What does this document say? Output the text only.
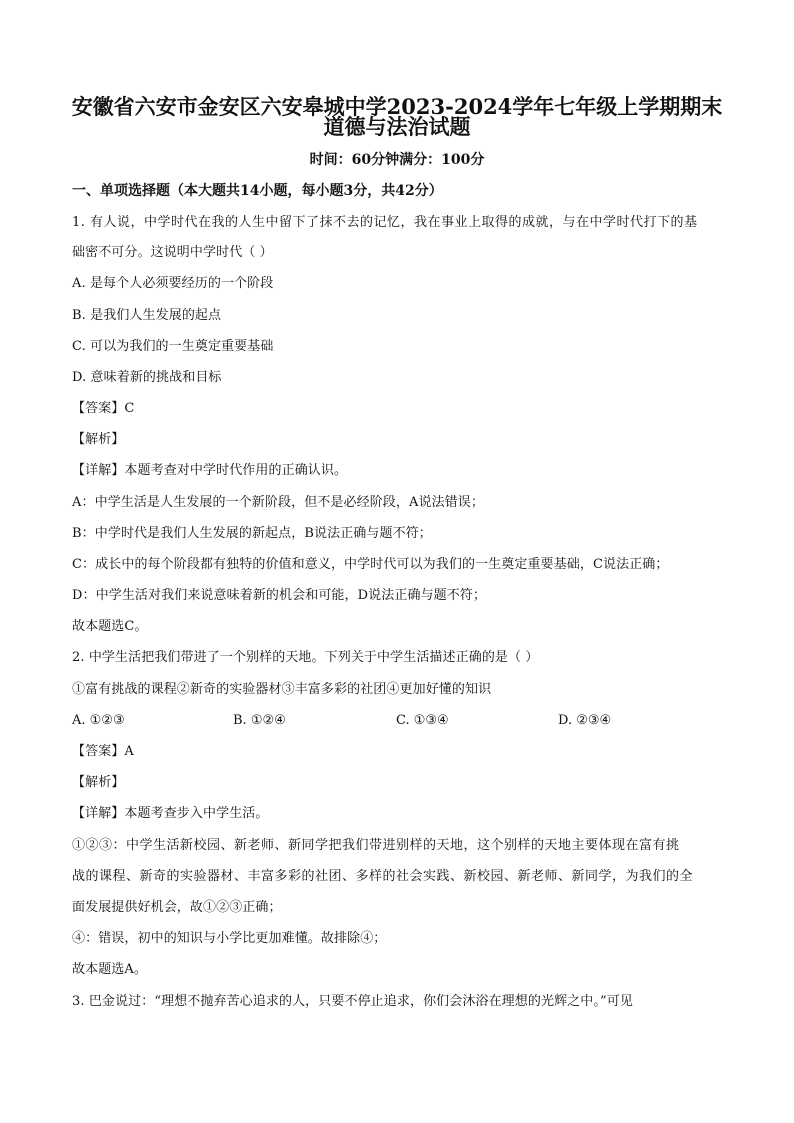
安徽省六安市金安区六安皋城中学2023-2024学年七年级上学期期末
道德与法治试题
时间：60分钟满分：100分
一、单项选择题（本大题共14小题，每小题3分，共42分）
1. 有人说，中学时代在我的人生中留下了抹不去的记忆，我在事业上取得的成就，与在中学时代打下的基
础密不可分。这说明中学时代（ ）
A. 是每个人必须要经历的一个阶段
B. 是我们人生发展的起点
C. 可以为我们的一生奠定重要基础
D. 意味着新的挑战和目标
【答案】C
【解析】
【详解】本题考查对中学时代作用的正确认识。
A：中学生活是人生发展的一个新阶段，但不是必经阶段，A说法错误；
B：中学时代是我们人生发展的新起点，B说法正确与题不符；
C：成长中的每个阶段都有独特的价值和意义，中学时代可以为我们的一生奠定重要基础，C说法正确；
D：中学生活对我们来说意味着新的机会和可能，D说法正确与题不符；
故本题选C。
2. 中学生活把我们带进了一个别样的天地。下列关于中学生活描述正确的是（ ）
①富有挑战的课程②新奇的实验器材③丰富多彩的社团④更加好懂的知识
A. ①②③	B. ①②④	C. ①③④	D. ②③④
【答案】A
【解析】
【详解】本题考查步入中学生活。
①②③：中学生活新校园、新老师、新同学把我们带进别样的天地，这个别样的天地主要体现在富有挑
战的课程、新奇的实验器材、丰富多彩的社团、多样的社会实践、新校园、新老师、新同学，为我们的全
面发展提供好机会，故①②③正确；
④：错误，初中的知识与小学比更加难懂。故排除④；
故本题选A。
3. 巴金说过：“理想不抛弃苦心追求的人，只要不停止追求，你们会沐浴在理想的光辉之中。”可见
